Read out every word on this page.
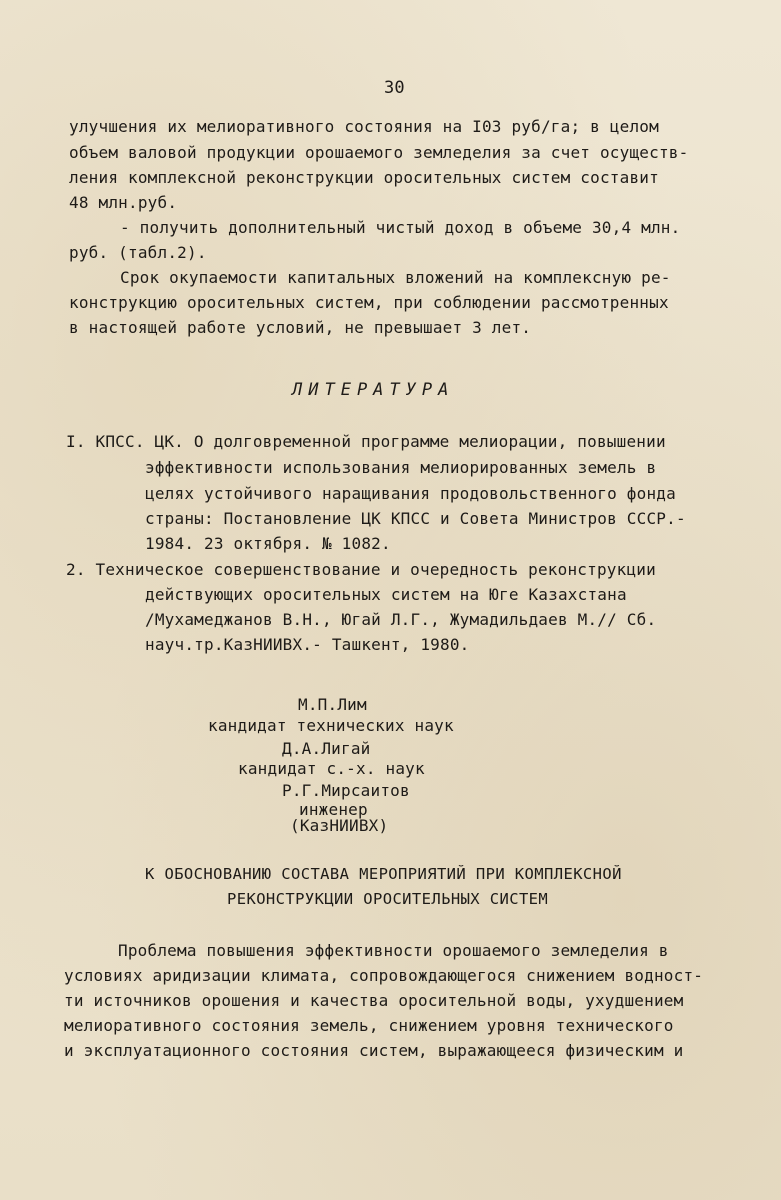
30
улучшения их мелиоративного состояния на I03 руб/га; в целом
объем валовой продукции орошаемого земледелия за счет осуществ-
ления комплексной реконструкции оросительных систем составит
48 млн.руб.
- получить дополнительный чистый доход в объеме 30,4 млн.
руб. (табл.2).
Срок окупаемости капитальных вложений на комплексную ре-
конструкцию оросительных систем, при соблюдении рассмотренных
в настоящей работе условий, не превышает 3 лет.
ЛИТЕРАТУРА
I. КПСС. ЦК. О долговременной программе мелиорации, повышении
эффективности использования мелиорированных земель в
целях устойчивого наращивания продовольственного фонда
страны: Постановление ЦК КПСС и Совета Министров СССР.-
1984. 23 октября. № 1082.
2. Техническое совершенствование и очередность реконструкции
действующих оросительных систем на Юге Казахстана
/Мухамеджанов В.Н., Югай Л.Г., Жумадильдаев М.// Сб.
науч.тр.КазНИИВХ.- Ташкент, 1980.
М.П.Лим
кандидат технических наук
Д.А.Лигай
кандидат с.-х. наук
Р.Г.Мирсаитов
инженер
(КазНИИВХ)
К ОБОСНОВАНИЮ СОСТАВА МЕРОПРИЯТИЙ ПРИ КОМПЛЕКСНОЙ
РЕКОНСТРУКЦИИ ОРОСИТЕЛЬНЫХ СИСТЕМ
Проблема повышения эффективности орошаемого земледелия в
условиях аридизации климата, сопровождающегося снижением водност-
ти источников орошения и качества оросительной воды, ухудшением
мелиоративного состояния земель, снижением уровня технического
и эксплуатационного состояния систем, выражающееся физическим и
